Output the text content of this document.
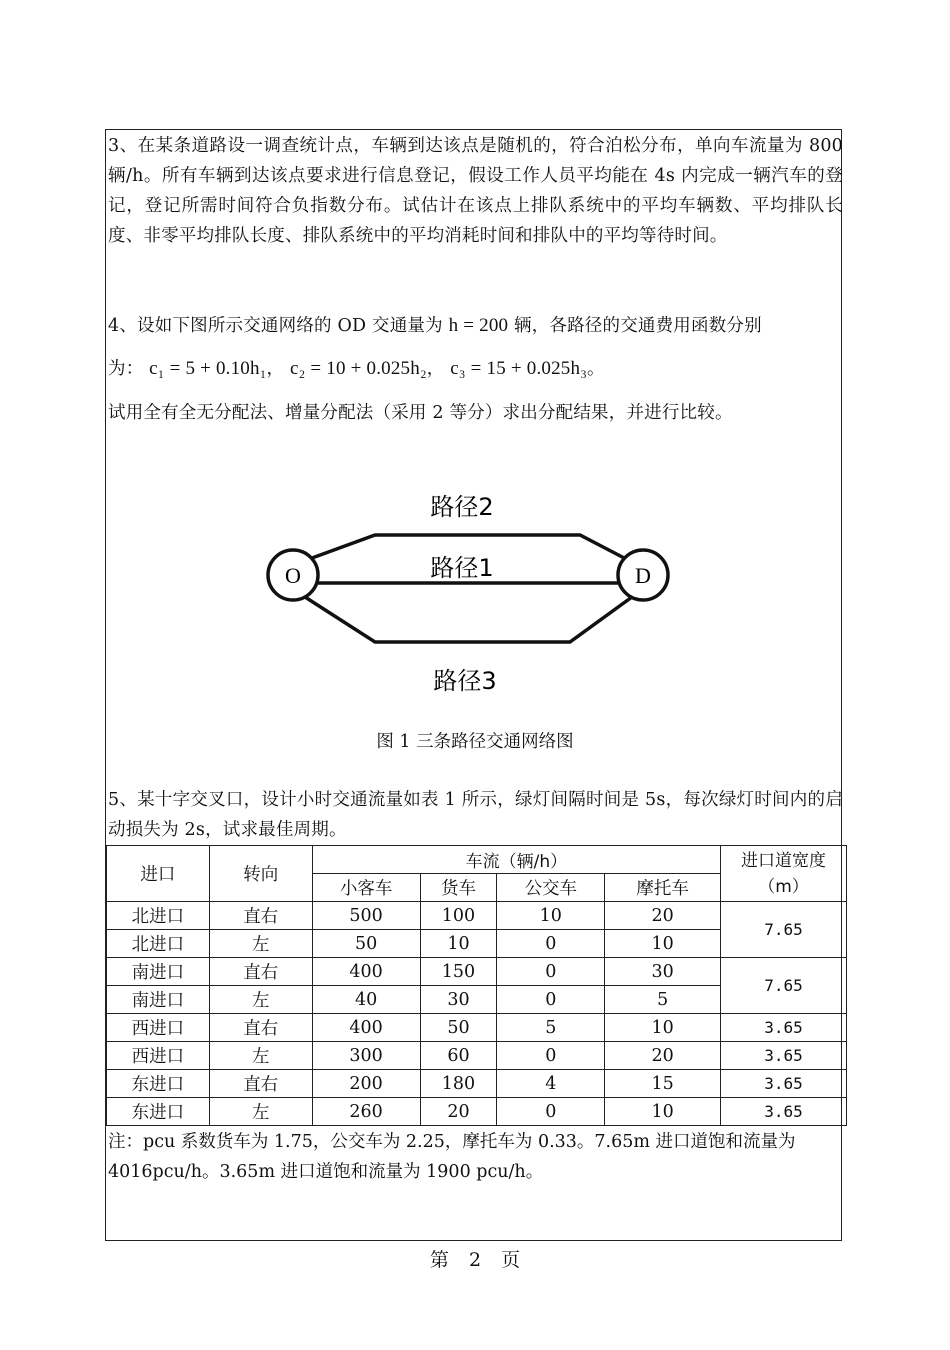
3、在某条道路设一调查统计点，车辆到达该点是随机的，符合泊松分布，单向车流量为 800 辆/h。所有车辆到达该点要求进行信息登记，假设工作人员平均能在 4s 内完成一辆汽车的登记，登记所需时间符合负指数分布。试估计在该点上排队系统中的平均车辆数、平均排队长度、非零平均排队长度、排队系统中的平均消耗时间和排队中的平均等待时间。
4、设如下图所示交通网络的 OD 交通量为 h = 200 辆，各路径的交通费用函数分别
为： c₁ = 5 + 0.10h₁， c₂ = 10 + 0.025h₂， c₃ = 15 + 0.025h₃。
试用全有全无分配法、增量分配法（采用 2 等分）求出分配结果，并进行比较。
O	D
路径2
路径1
路径3
图 1 三条路径交通网络图
5、某十字交叉口，设计小时交通流量如表 1 所示，绿灯间隔时间是 5s，每次绿灯时间内的启动损失为 2s，试求最佳周期。
进口	转向	车流（辆/h）				进口道宽度（m）
		小客车	货车	公交车	摩托车	
北进口	直右	500	100	10	20	7.65
北进口	左	50	10	0	10	
南进口	直右	400	150	0	30	7.65
南进口	左	40	30	0	5	
西进口	直右	400	50	5	10	3.65
西进口	左	300	60	0	20	3.65
东进口	直右	200	180	4	15	3.65
东进口	左	260	20	0	10	3.65
注：pcu 系数货车为 1.75，公交车为 2.25，摩托车为 0.33。7.65m 进口道饱和流量为 4016pcu/h。3.65m 进口道饱和流量为 1900 pcu/h。
第 2 页
